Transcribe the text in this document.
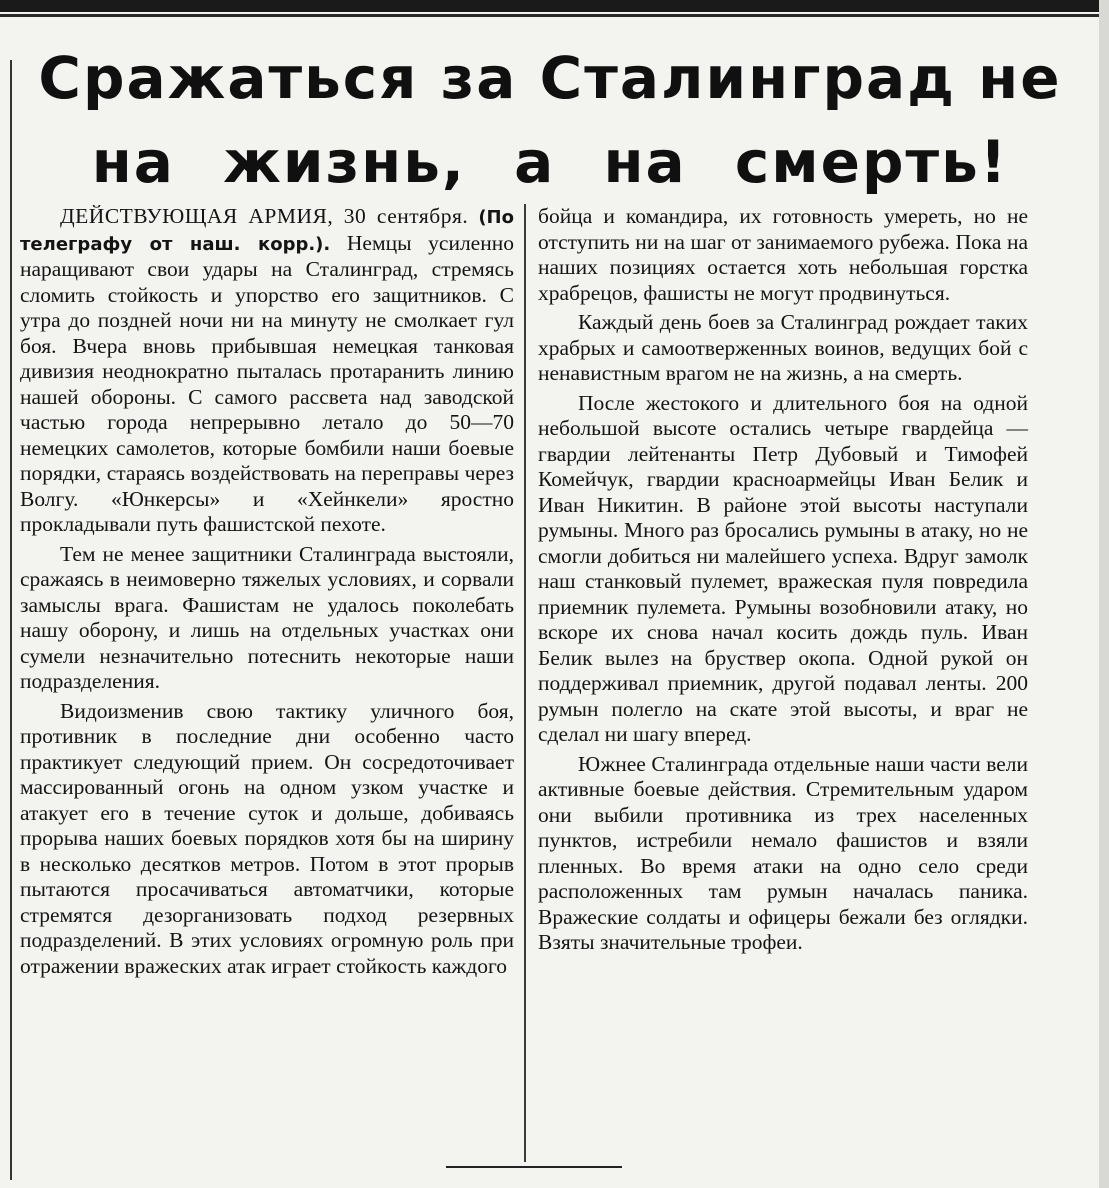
Сражаться за Сталинград не
на жизнь, а на смерть!

ДЕЙСТВУЮЩАЯ АРМИЯ, 30 сентября. (По телеграфу от наш. корр.). Немцы усиленно наращивают свои удары на Сталинград, стремясь сломить стойкость и упорство его защитников. С утра до поздней ночи ни на минуту не смолкает гул боя. Вчера вновь прибывшая немецкая танковая дивизия неоднократно пыталась протаранить линию нашей обороны. С самого рассвета над заводской частью города непрерывно летало до 50—70 немецких самолетов, которые бомбили наши боевые порядки, стараясь воздействовать на переправы через Волгу. «Юнкерсы» и «Хейнкели» яростно прокладывали путь фашистской пехоте.

Тем не менее защитники Сталинграда выстояли, сражаясь в неимоверно тяжелых условиях, и сорвали замыслы врага. Фашистам не удалось поколебать нашу оборону, и лишь на отдельных участках они сумели незначительно потеснить некоторые наши подразделения.

Видоизменив свою тактику уличного боя, противник в последние дни особенно часто практикует следующий прием. Он сосредоточивает массированный огонь на одном узком участке и атакует его в течение суток и дольше, добиваясь прорыва наших боевых порядков хотя бы на ширину в несколько десятков метров. Потом в этот прорыв пытаются просачиваться автоматчики, которые стремятся дезорганизовать подход резервных подразделений. В этих условиях огромную роль при отражении вражеских атак играет стойкость каждого

бойца и командира, их готовность умереть, но не отступить ни на шаг от занимаемого рубежа. Пока на наших позициях остается хоть небольшая горстка храбрецов, фашисты не могут продвинуться.

Каждый день боев за Сталинград рождает таких храбрых и самоотверженных воинов, ведущих бой с ненавистным врагом не на жизнь, а на смерть.

После жестокого и длительного боя на одной небольшой высоте остались четыре гвардейца — гвардии лейтенанты Петр Дубовый и Тимофей Комейчук, гвардии красноармейцы Иван Белик и Иван Никитин. В районе этой высоты наступали румыны. Много раз бросались румыны в атаку, но не смогли добиться ни малейшего успеха. Вдруг замолк наш станковый пулемет, вражеская пуля повредила приемник пулемета. Румыны возобновили атаку, но вскоре их снова начал косить дождь пуль. Иван Белик вылез на бруствер окопа. Одной рукой он поддерживал приемник, другой подавал ленты. 200 румын полегло на скате этой высоты, и враг не сделал ни шагу вперед.

Южнее Сталинграда отдельные наши части вели активные боевые действия. Стремительным ударом они выбили противника из трех населенных пунктов, истребили немало фашистов и взяли пленных. Во время атаки на одно село среди расположенных там румын началась паника. Вражеские солдаты и офицеры бежали без оглядки. Взяты значительные трофеи.
